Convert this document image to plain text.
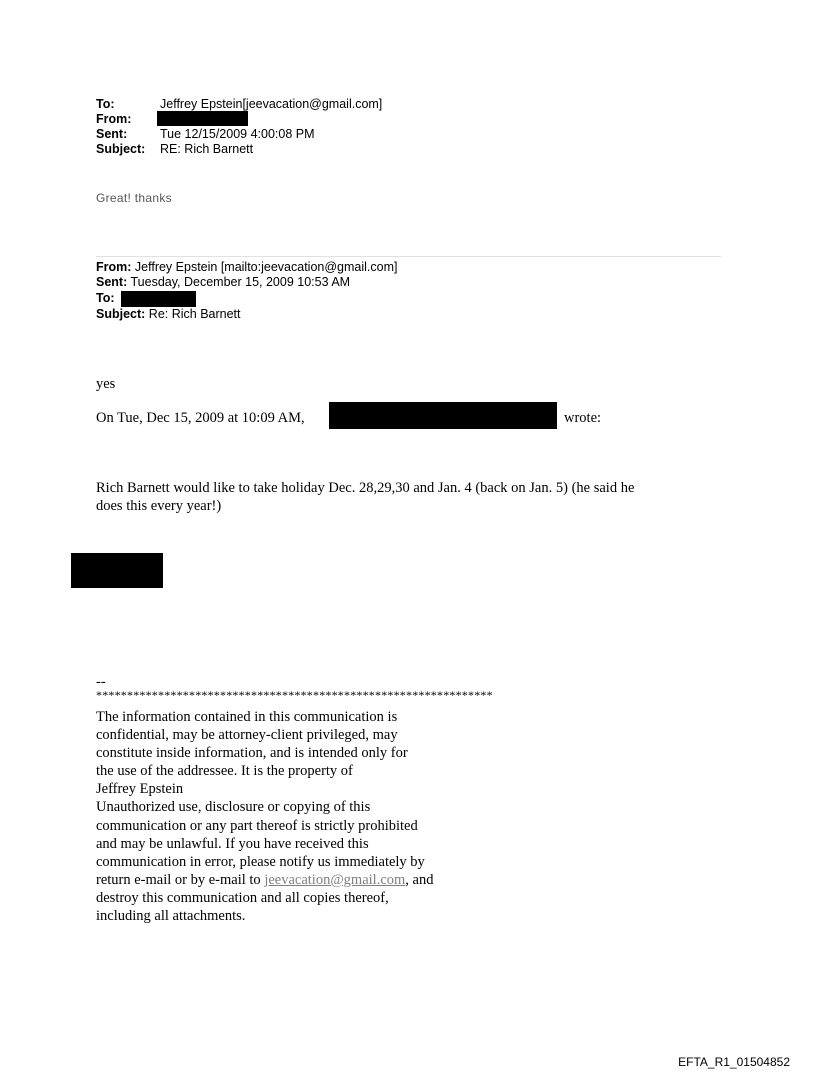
To:	Jeffrey Epstein[jeevacation@gmail.com]
From:
Sent:	Tue 12/15/2009 4:00:08 PM
Subject: RE: Rich Barnett
Great! thanks
From: Jeffrey Epstein [mailto:jeevacation@gmail.com]
Sent: Tuesday, December 15, 2009 10:53 AM
To:
Subject: Re: Rich Barnett
yes
On Tue, Dec 15, 2009 at 10:09 AM,	wrote:
Rich Barnett would like to take holiday Dec. 28,29,30 and Jan. 4 (back on Jan. 5) (he said he
does this every year!)
--
****************************************************************
The information contained in this communication is
confidential, may be attorney-client privileged, may
constitute inside information, and is intended only for
the use of the addressee. It is the property of
Jeffrey Epstein
Unauthorized use, disclosure or copying of this
communication or any part thereof is strictly prohibited
and may be unlawful. If you have received this
communication in error, please notify us immediately by
return e-mail or by e-mail to jeevacation@gmail.com, and
destroy this communication and all copies thereof,
including all attachments.
EFTA_R1_01504852
